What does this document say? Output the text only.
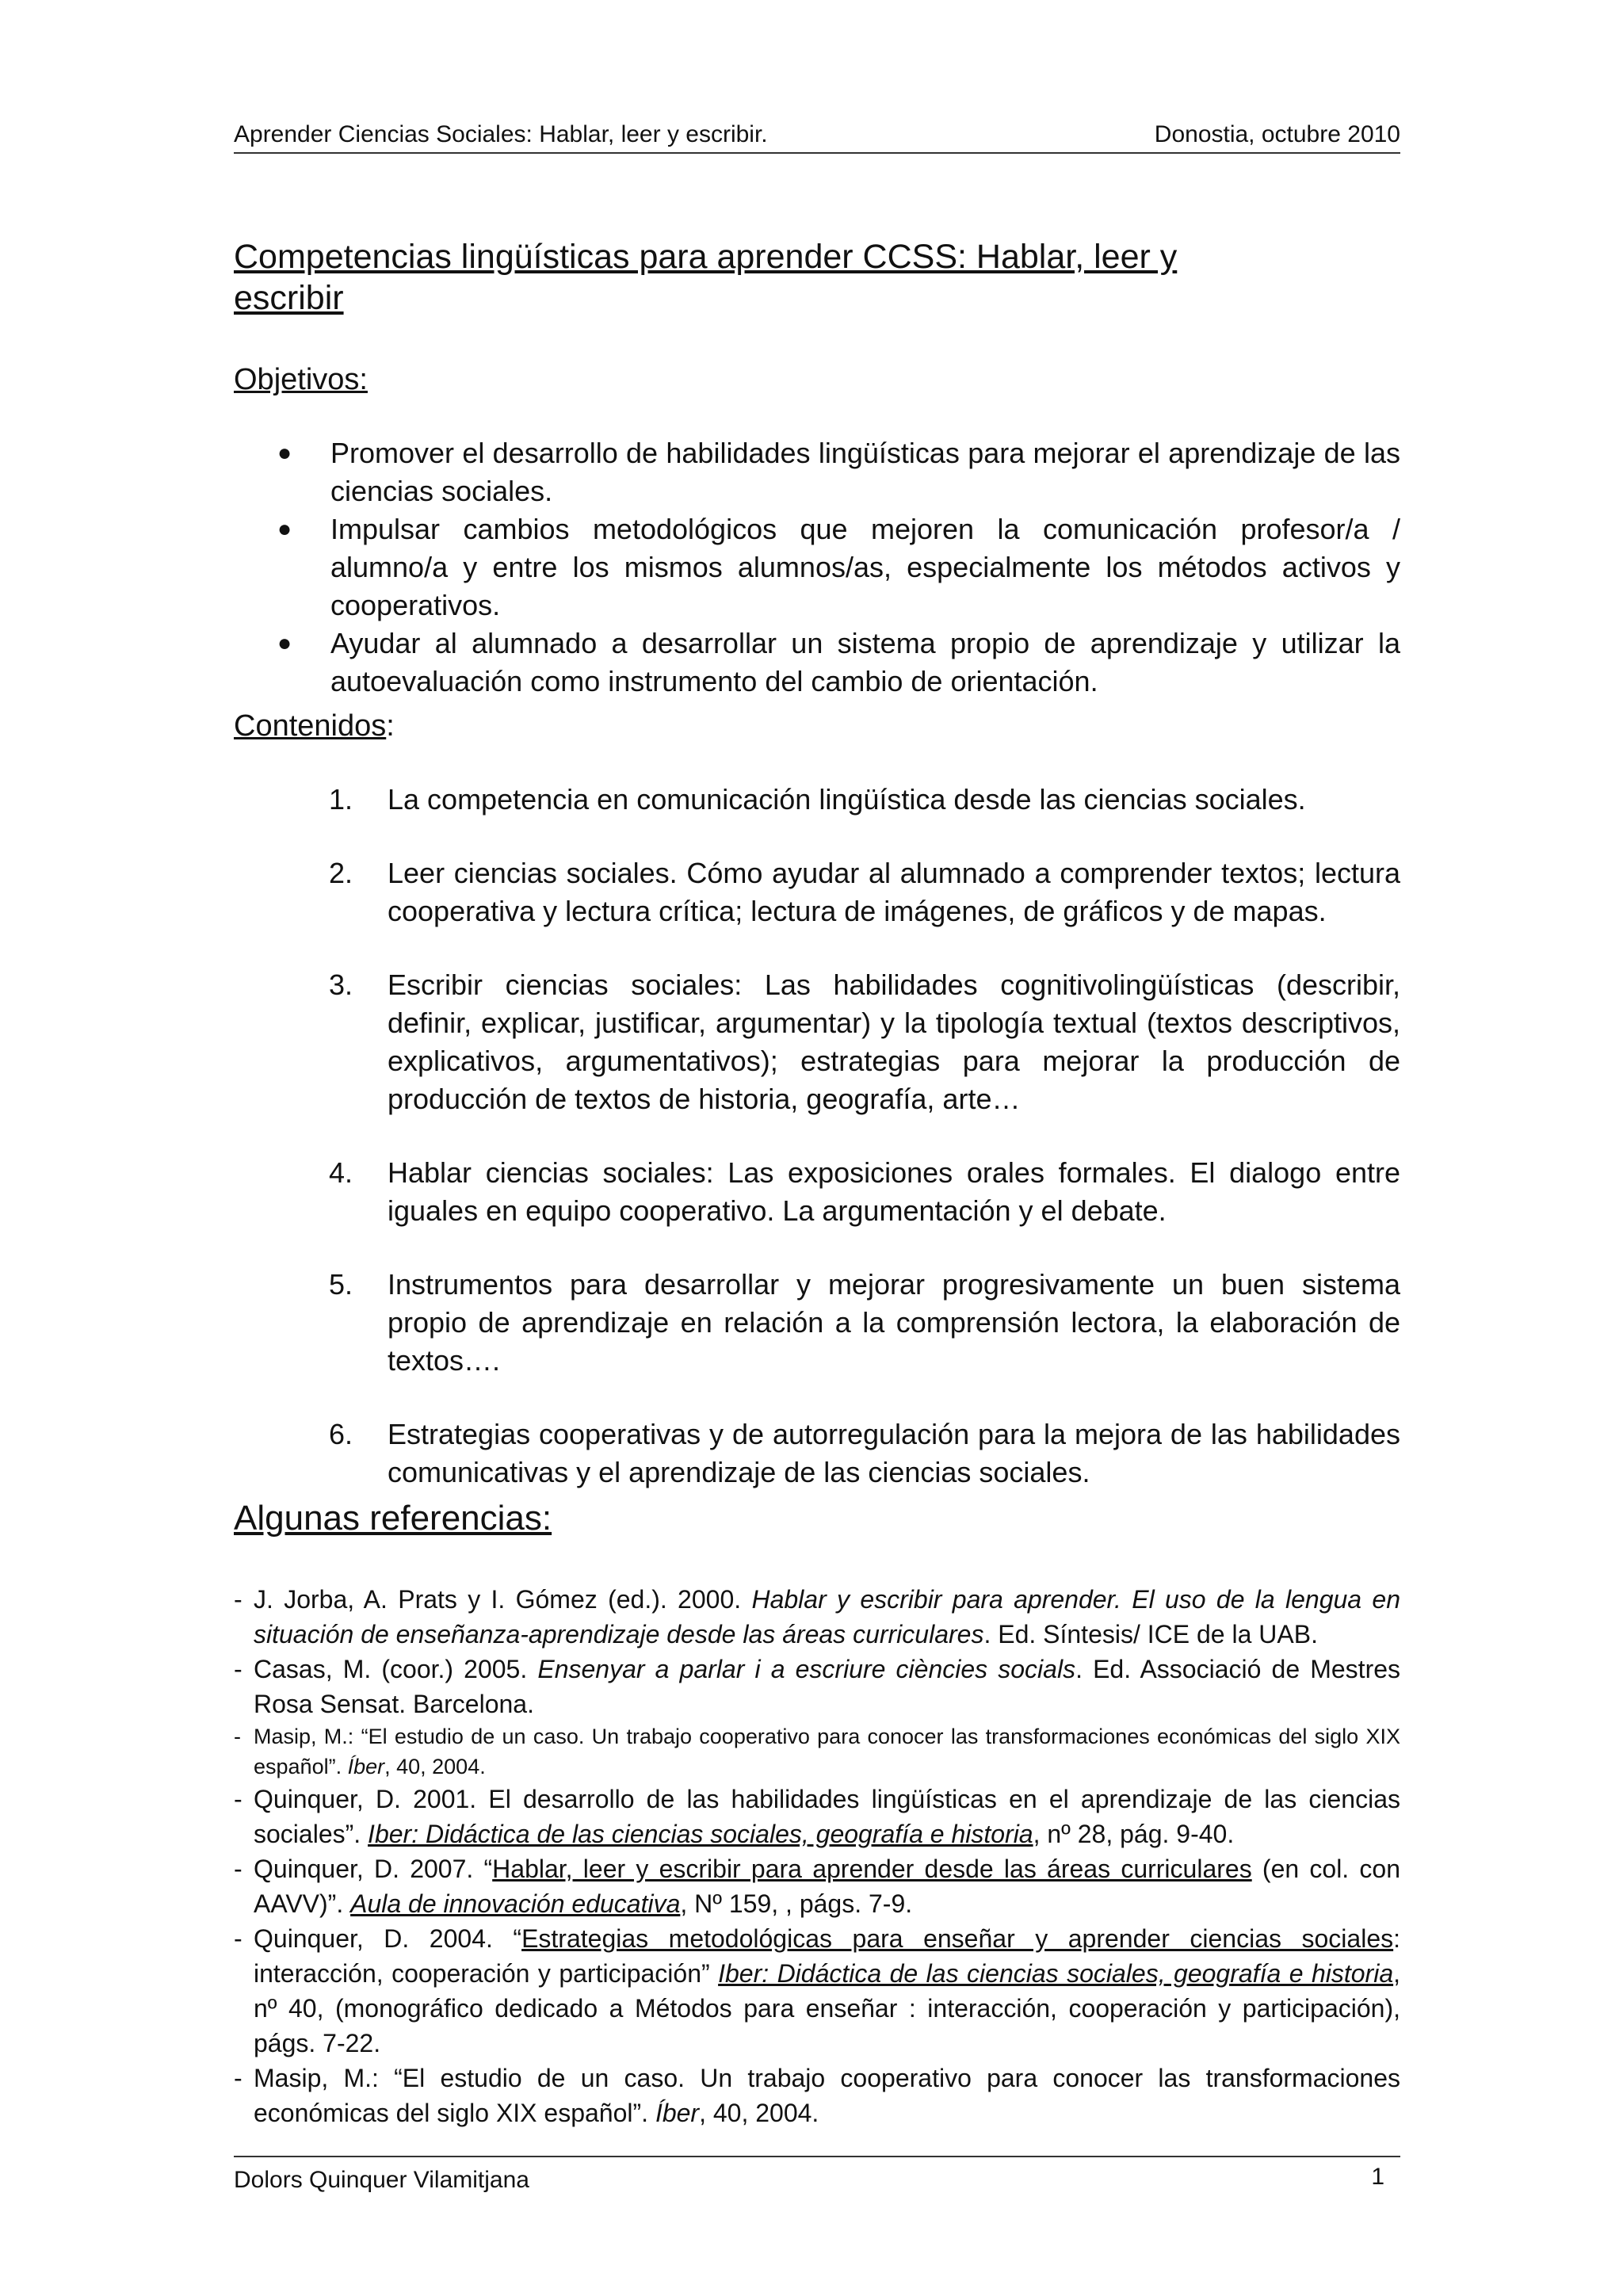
Aprender Ciencias Sociales: Hablar, leer y escribir.	Donostia, octubre 2010
Competencias lingüísticas para aprender CCSS: Hablar, leer y escribir
Objetivos:
● Promover el desarrollo de habilidades lingüísticas para mejorar el aprendizaje de las ciencias sociales.
● Impulsar cambios metodológicos que mejoren la comunicación profesor/a / alumno/a y entre los mismos alumnos/as, especialmente los métodos activos y cooperativos.
● Ayudar al alumnado a desarrollar un sistema propio de aprendizaje y utilizar la autoevaluación como instrumento del cambio de orientación.
Contenidos:
1. La competencia en comunicación lingüística desde las ciencias sociales.
2. Leer ciencias sociales. Cómo ayudar al alumnado a comprender textos; lectura cooperativa y lectura crítica; lectura de imágenes, de gráficos y de mapas.
3. Escribir ciencias sociales: Las habilidades cognitivolingüísticas (describir, definir, explicar, justificar, argumentar) y la tipología textual (textos descriptivos, explicativos, argumentativos); estrategias para mejorar la producción de producción de textos de historia, geografía, arte…
4. Hablar ciencias sociales: Las exposiciones orales formales. El dialogo entre iguales en equipo cooperativo. La argumentación y el debate.
5. Instrumentos para desarrollar y mejorar progresivamente un buen sistema propio de aprendizaje en relación a la comprensión lectora, la elaboración de textos….
6. Estrategias cooperativas y de autorregulación para la mejora de las habilidades comunicativas y el aprendizaje de las ciencias sociales.
Algunas referencias:
- J. Jorba, A. Prats y I. Gómez (ed.). 2000. Hablar y escribir para aprender. El uso de la lengua en situación de enseñanza-aprendizaje desde las áreas curriculares. Ed. Síntesis/ ICE de la UAB.
- Casas, M. (coor.) 2005. Ensenyar a parlar i a escriure ciències socials. Ed. Associació de Mestres Rosa Sensat. Barcelona.
- Masip, M.: “El estudio de un caso. Un trabajo cooperativo para conocer las transformaciones económicas del siglo XIX español”. Íber, 40, 2004.
- Quinquer, D. 2001. El desarrollo de las habilidades lingüísticas en el aprendizaje de las ciencias sociales”. Iber: Didáctica de las ciencias sociales, geografía e historia, nº 28, pág. 9-40.
- Quinquer, D. 2007. “Hablar, leer y escribir para aprender desde las áreas curriculares (en col. con AAVV)”. Aula de innovación educativa, Nº 159, , págs. 7-9.
- Quinquer, D. 2004. “Estrategias metodológicas para enseñar y aprender ciencias sociales: interacción, cooperación y participación” Iber: Didáctica de las ciencias sociales, geografía e historia, nº 40, (monográfico dedicado a Métodos para enseñar : interacción, cooperación y participación), págs. 7-22.
- Masip, M.: “El estudio de un caso. Un trabajo cooperativo para conocer las transformaciones económicas del siglo XIX español”. Íber, 40, 2004.
Dolors Quinquer Vilamitjana	1
